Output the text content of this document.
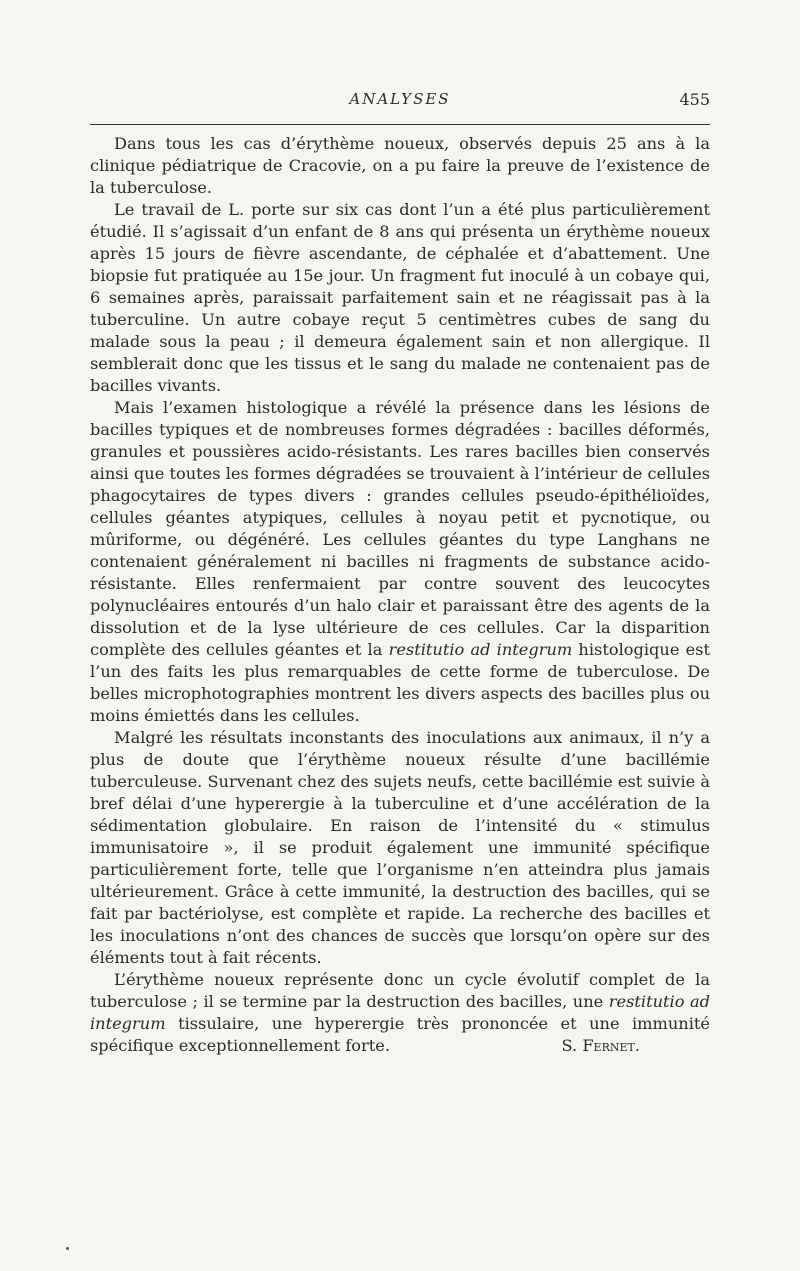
ANALYSES	455

Dans tous les cas d’érythème noueux, observés depuis 25 ans à la clinique pédiatrique de Cracovie, on a pu faire la preuve de l’existence de la tuberculose.

Le travail de L. porte sur six cas dont l’un a été plus particulièrement étudié. Il s’agissait d’un enfant de 8 ans qui présenta un érythème noueux après 15 jours de fièvre ascendante, de céphalée et d’abattement. Une biopsie fut pratiquée au 15e jour. Un fragment fut inoculé à un cobaye qui, 6 semaines après, paraissait parfaitement sain et ne réagissait pas à la tuberculine. Un autre cobaye reçut 5 centimètres cubes de sang du malade sous la peau ; il demeura également sain et non allergique. Il semblerait donc que les tissus et le sang du malade ne contenaient pas de bacilles vivants.

Mais l’examen histologique a révélé la présence dans les lésions de bacilles typiques et de nombreuses formes dégradées : bacilles déformés, granules et poussières acido-résistants. Les rares bacilles bien conservés ainsi que toutes les formes dégradées se trouvaient à l’intérieur de cellules phagocytaires de types divers : grandes cellules pseudo-épithélioïdes, cellules géantes atypiques, cellules à noyau petit et pycnotique, ou mûriforme, ou dégénéré. Les cellules géantes du type Langhans ne contenaient généralement ni bacilles ni fragments de substance acido-résistante. Elles renfermaient par contre souvent des leucocytes polynucléaires entourés d’un halo clair et paraissant être des agents de la dissolution et de la lyse ultérieure de ces cellules. Car la disparition complète des cellules géantes et la restitutio ad integrum histologique est l’un des faits les plus remarquables de cette forme de tuberculose. De belles microphotographies montrent les divers aspects des bacilles plus ou moins émiettés dans les cellules.

Malgré les résultats inconstants des inoculations aux animaux, il n’y a plus de doute que l’érythème noueux résulte d’une bacillémie tuberculeuse. Survenant chez des sujets neufs, cette bacillémie est suivie à bref délai d’une hyperergie à la tuberculine et d’une accélération de la sédimentation globulaire. En raison de l’intensité du « stimulus immunisatoire », il se produit également une immunité spécifique particulièrement forte, telle que l’organisme n’en atteindra plus jamais ultérieurement. Grâce à cette immunité, la destruction des bacilles, qui se fait par bactériolyse, est complète et rapide. La recherche des bacilles et les inoculations n’ont des chances de succès que lorsqu’on opère sur des éléments tout à fait récents.

L’érythème noueux représente donc un cycle évolutif complet de la tuberculose ; il se termine par la destruction des bacilles, une restitutio ad integrum tissulaire, une hyperergie très prononcée et une immunité spécifique exceptionnellement forte.	S. Fernet.
